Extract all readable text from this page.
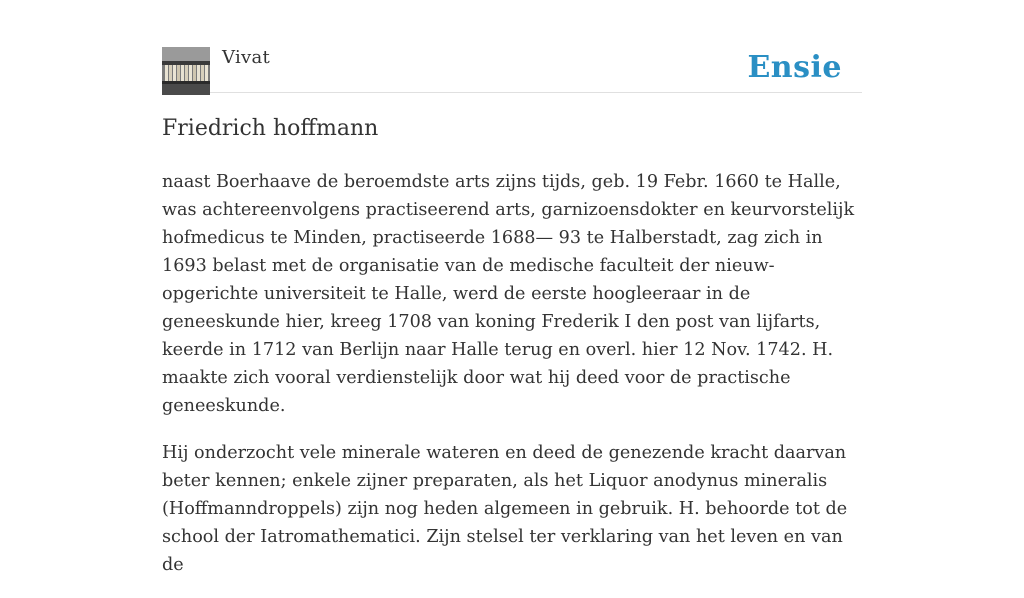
Vivat	Ensie
Friedrich hoffmann

naast Boerhaave de beroemdste arts zijns tijds, geb. 19 Febr. 1660 te Halle, was achtereenvolgens practiseerend arts, garnizoensdokter en keurvorstelijk hofmedicus te Minden, practiseerde 1688— 93 te Halberstadt, zag zich in 1693 belast met de organisatie van de medische faculteit der nieuw-opgerichte universiteit te Halle, werd de eerste hoogleeraar in de geneeskunde hier, kreeg 1708 van koning Frederik I den post van lijfarts, keerde in 1712 van Berlijn naar Halle terug en overl. hier 12 Nov. 1742. H. maakte zich vooral verdienstelijk door wat hij deed voor de practische geneeskunde.

Hij onderzocht vele minerale wateren en deed de genezende kracht daarvan beter kennen; enkele zijner preparaten, als het Liquor anodynus mineralis (Hoffmanndroppels) zijn nog heden algemeen in gebruik. H. behoorde tot de school der Iatromathematici. Zijn stelsel ter verklaring van het leven en van de
